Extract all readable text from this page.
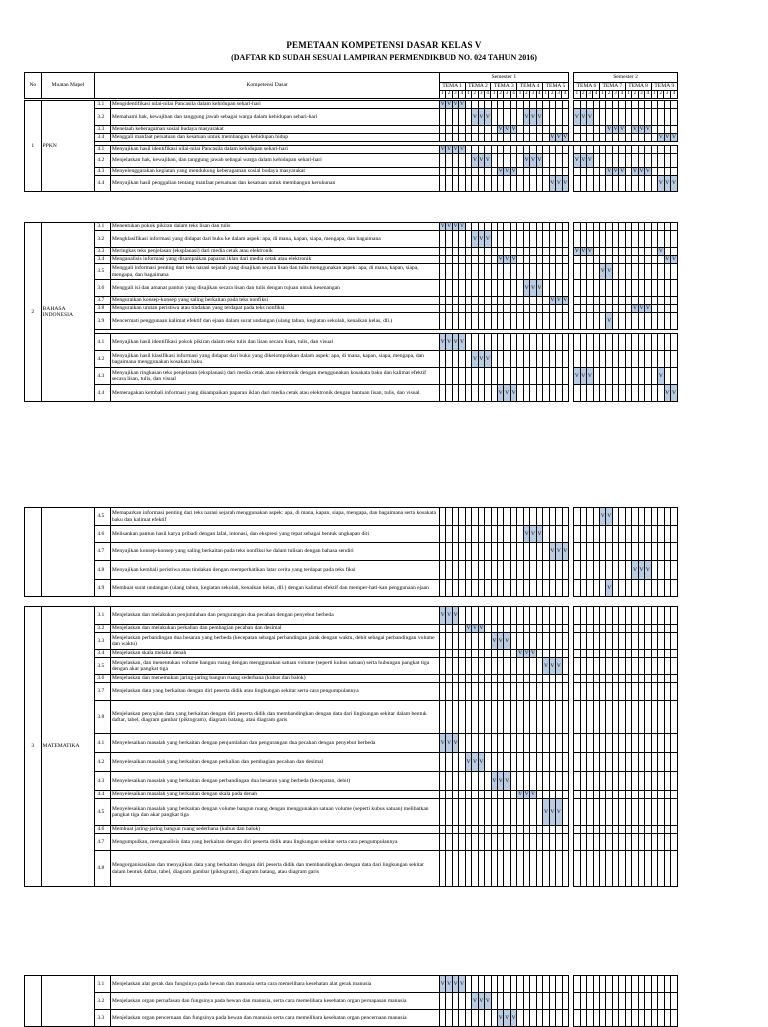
PEMETAAN KOMPETENSI DASAR KELAS V
(DAFTAR KD SUDAH SESUAI LAMPIRAN PERMENDIKBUD NO. 024 TAHUN 2016)
No	Muatan Mapel	Kompetensi Dasar	Semester 1																					Semester 2															
			TEMA 1				TEMA 2				TEMA 3				TEMA 4				TEMA 5					TEMA 6				TEMA 7				TEMA 8				TEMA 9			
			1	2	3	4	1	2	3	4	1	2	3	4	1	2	3	4	1	2	3	4		1	2	3	4	1	2	3	4	1	2	3	4	1	2	3	4
1	PPKN	3.1	Mengidentifikasi nilai-nilai Pancasila dalam kehidupan sehari-hari	V	V	V	V																																	
		3.2	Memahami hak, kewajiban dan tanggung jawab sebagai warga dalam kehidupan sehari-hari						V	V	V						V	V	V						V	V	V													
		3.3	Menelaah keberagaman sosial budaya masyarakat										V	V	V															V	V	V		V	V	V				
		3.4	Menggali manfaat persatuan dan kesatuan untuk membangun kehidupan hidup																		V	V	V															V	V	V

		4.1	Menyajikan hasil identifikasi nilai-nilai Pancasila dalam kehidupan sehari-hari	V	V	V	V																																	
		4.2	Menjelaskan hak, kewajiban, dan tanggung jawab sebagai warga dalam kehidupan sehari-hari						V	V	V						V	V	V						V	V	V													
		4.3	Menyelenggarakan kegiatan yang mendukung keberagaman sosial budaya masyarakat										V	V	V															V	V	V		V	V	V				
		4.4	Menyajikan hasil penggalian tentang manfaat persatuan dan kesatuan untuk membangun kerukunan																		V	V	V															V	V	V
2	BAHASA INDONESIA	3.1	Menentukan pokok pikiran dalam teks lisan dan tulis	V	V	V	V																																	
		3.2	Mengklasifikasi informasi yang didapat dari buku ke dalam aspek: apa, di mana, kapan, siapa, mengapa, dan bagaimana						V	V	V																													
		3.3	Meringkas teks penjelasan (eksplanasi) dari media cetak atau elektronik																						V	V	V											V		
		3.4	Menganalisis informasi yang disampaikan paparan iklan dari media cetak atau elektronik										V	V	V																								V	V
		3.5	Menggali informasi penting dari teks narasi sejarah yang disajikan secara lisan dan tulis menggunakan aspek: apa, di mana, kapan, siapa, mengapa, dan bagaimana																										V	V										
		3.6	Menggali isi dan amanat pantun yang disajikan secara lisan dan tulis dengan tujuan untuk kesenangan														V	V	V																					
		3.7	Menguraikan konsep-konsep yang saling berkaitan pada teks nonfiksi																		V	V	V																	
		3.8	Menguraikan urutan peristiwa atau tindakan yang terdapat pada teks nonfiksi																															V	V	V				
		3.9	Mencermati penggunaan kalimat efektif dan ejaan dalam surat undangan (ulang tahun, kegiatan sekolah, kenaikan kelas, dll.)																											V										

		4.1	Menyajikan hasil identifikasi pokok pikiran dalam teks tulis dan lisan secara lisan, tulis, dan visual	V	V	V	V																																	
		4.2	Menyajikan hasil klasifikasi informasi yang didapat dari buku yang dikelompokkan dalam aspek: apa, di mana, kapan, siapa, mengapa, dan bagaimana menggunakan kosakata baku						V	V	V																													
		4.3	Menyajikan ringkasan teks penjelasan (eksplanasi) dari media cetak atau elektronik dengan menggunakan kosakata baku dan kalimat efektif secara lisan, tulis, dan visual																						V	V	V											V		
		4.4	Memeragakan kembali informasi yang disampaikan paparan iklan dari media cetak atau elektronik dengan bantuan lisan, tulis, dan visual										V	V	V																								V	V
		4.5	Memaparkan informasi penting dari teks narasi sejarah menggunakan aspek: apa, di mana, kapan, siapa, mengapa, dan bagaimana serta kosakata baku dan kalimat efektif																										V	V										
		4.6	Melisankan pantun hasil karya pribadi dengan lafal, intonasi, dan ekspresi yang tepat sebagai bentuk ungkapan diri														V	V	V																					
		4.7	Menyajikan konsep-konsep yang saling berkaitan pada teks nonfiksi ke dalam tulisan dengan bahasa sendiri																		V	V	V																	
		4.8	Menyajikan kembali peristiwa atau tindakan dengan memperhatikan latar cerita yang terdapat pada teks fiksi																															V	V	V				
		4.9	Membuat surat undangan (ulang tahun, kegiatan sekolah, kenaikan kelas, dll.) dengan kalimat efektif dan memper-hati-kan penggunaan ejaan																											V										
3	MATEMATIKA	3.1	Menjelaskan dan melakukan penjumlahan dan pengurangan dua pecahan dengan penyebut berbeda	V	V	V																																		
		3.2	Menjelaskan dan melakukan perkalian dan pembagian pecahan dan desimal					V	V	V																														
		3.3	Menjelaskan perbandingan dua besaran yang berbeda (kecepatan sebagai perbandingan jarak dengan waktu, debit sebagai perbandingan volume dan waktu)									V	V	V																										
		3.4	Menjelaskan skala melalui denah													V	V	V																						
		3.5	Menjelaskan, dan menentukan volume bangun ruang dengan menggunakan satuan volume (seperti kubus satuan) serta hubungan pangkat tiga dengan akar pangkat tiga																	V	V	V																		
		3.6	Menjelaskan dan menemukan jaring-jaring bangun ruang sederhana (kubus dan balok)																																					
		3.7	Menjelaskan data yang berkaitan dengan diri peserta didik atau lingkungan sekitar serta cara pengumpulannya																																					
		3.8	Menjelaskan penyajian data yang berkaitan dengan diri peserta didik dan membandingkan dengan data dari lingkungan sekitar dalam bentuk daftar, tabel, diagram gambar (piktogram), diagram batang, atau diagram garis																																					
		4.1	Menyelesaikan masalah yang berkaitan dengan penjumlahan dan pengurangan dua pecahan dengan penyebut berbeda	V	V	V																																		
		4.2	Menyelesaikan masalah yang berkaitan dengan perkalian dan pembagian pecahan dan desimal					V	V	V																														
		4.3	Menyelesaikan masalah yang berkaitan dengan perbandingan dua besaran yang berbeda (kecepatan, debit)									V	V	V																										
		4.4	Menyelesaikan masalah yang berkaitan dengan skala pada denah													V	V	V																						
		4.5	Menyelesaikan masalah yang berkaitan dengan volume bangun ruang dengan menggunakan satuan volume (seperti kubus satuan) melibatkan pangkat tiga dan akar pangkat tiga																	V	V	V																		
		4.6	Membuat jaring-jaring bangun ruang sederhana (kubus dan balok)																																					
		4.7	Mengumpulkan, menganalisis data yang berkaitan dengan diri peserta didik atau lingkungan sekitar serta cara pengumpulannya																																					
		4.8	Mengorganisasikan dan menyajikan data yang berkaitan dengan diri peserta didik dan membandingkan dengan data dari lingkungan sekitar dalam bentuk daftar, tabel, diagram gambar (piktogram), diagram batang, atau diagram garis																																					
		3.1	Menjelaskan alat gerak dan fungsinya pada hewan dan manusia serta cara memelihara kesehatan alat gerak manusia	V	V	V	V																																	
		3.2	Menjelaskan organ pernafasan dan fungsinya pada hewan dan manusia, serta cara memelihara kesehatan organ pernapasan manusia						V	V	V																													
		3.3	Menjelaskan organ pencernaan dan fungsinya pada hewan dan manusia serta cara memelihara kesehatan organ pencernaan manusia										V	V	V																									
